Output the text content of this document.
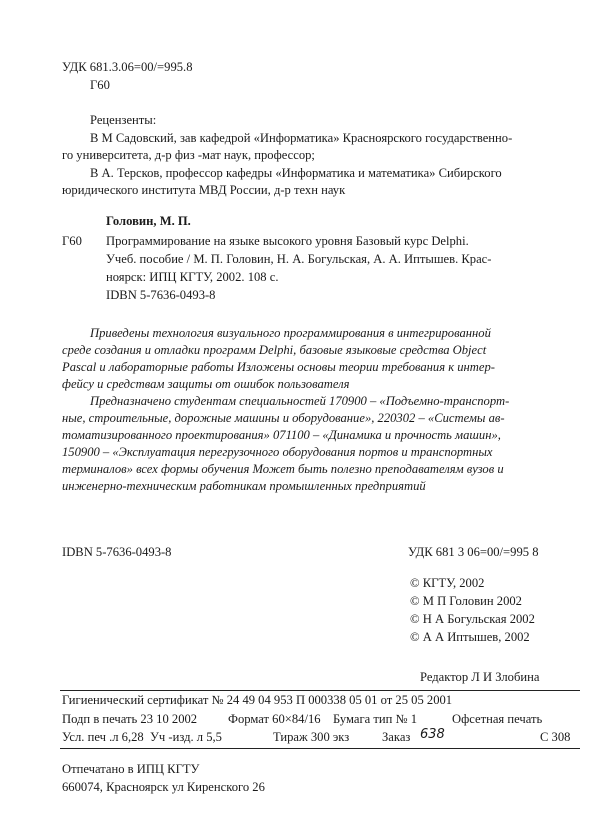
УДК 681.3.06=00/=995.8
Г60
Рецензенты:
В М Садовский, зав кафедрой «Информатика» Красноярского государственно-
го университета, д-р физ -мат наук, профессор;
В А. Терсков, профессор кафедры «Информатика и математика» Сибирского
юридического института МВД России, д-р техн наук
Головин, М. П.
Г60 Программирование на языке высокого уровня Базовый курс Delphi.
Учеб. пособие / М. П. Головин, Н. А. Богульская, А. А. Иптышев. Крас-
ноярск: ИПЦ КГТУ, 2002. 108 с.
IDBN 5-7636-0493-8
Приведены технология визуального программирования в интегрированной
среде создания и отладки программ Delphi, базовые языковые средства Object
Pascal и лабораторные работы Изложены основы теории требования к интер-
фейсу и средствам защиты от ошибок пользователя
Предназначено студентам специальностей 170900 – «Подъемно-транспорт-
ные, строительные, дорожные машины и оборудование», 220302 – «Системы ав-
томатизированного проектирования» 071100 – «Динамика и прочность машин»,
150900 – «Эксплуатация перегрузочного оборудования портов и транспортных
терминалов» всех формы обучения Может быть полезно преподавателям вузов и
инженерно-техническим работникам промышленных предприятий
IDBN 5-7636-0493-8	УДК 681 3 06=00/=995 8
© КГТУ, 2002
© М П Головин 2002
© Н А Богульская 2002
© А А Иптышев, 2002
Редактор Л И Злобина
Гигиенический сертификат № 24 49 04 953 П 000338 05 01 от 25 05 2001
Подп в печать 23 10 2002 Формат 60×84/16 Бумага тип № 1	Офсетная печать
Усл. печ .л 6,28 Уч -изд. л 5,5	Тираж 300 экз	Заказ 638	С 308
Отпечатано в ИПЦ КГТУ
660074, Красноярск ул Киренского 26
